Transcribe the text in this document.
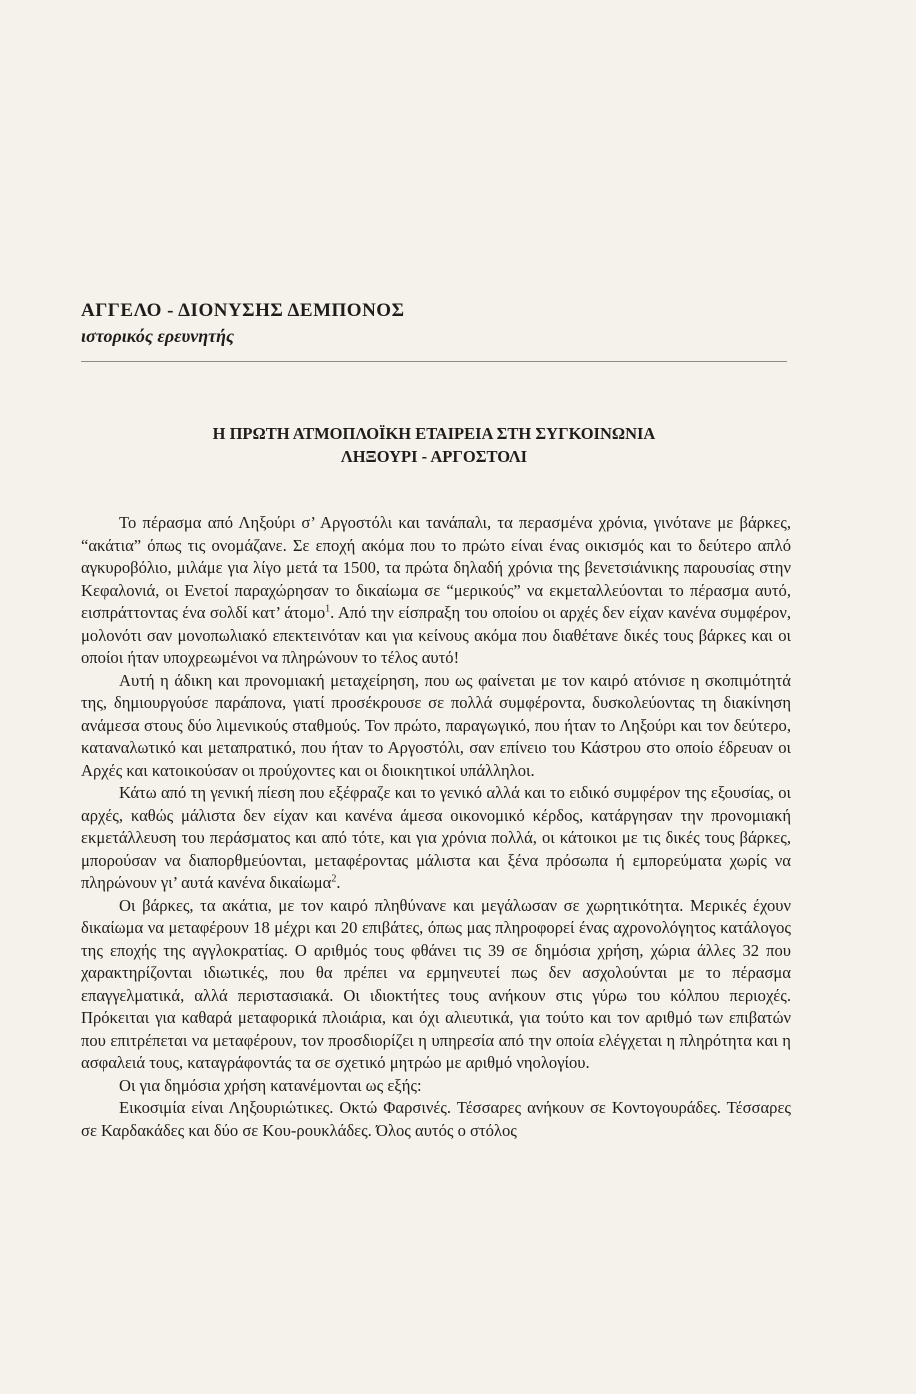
ΑΓΓΕΛΟ - ΔΙΟΝΥΣΗΣ ΔΕΜΠΟΝΟΣ
ιστορικός ερευνητής
Η ΠΡΩΤΗ ΑΤΜΟΠΛΟΪΚΗ ΕΤΑΙΡΕΙΑ ΣΤΗ ΣΥΓΚΟΙΝΩΝΙΑ
ΛΗΞΟΥΡΙ - ΑΡΓΟΣΤΟΛΙ

Το πέρασμα από Ληξούρι σ’ Αργοστόλι και τανάπαλι, τα περασμένα χρόνια, γινότανε με βάρκες, “ακάτια” όπως τις ονομάζανε. Σε εποχή ακόμα που το πρώτο είναι ένας οικισμός και το δεύτερο απλό αγκυροβόλιο, μιλάμε για λίγο μετά τα 1500, τα πρώτα δηλαδή χρόνια της βενετσιάνικης παρουσίας στην Κεφαλονιά, οι Ενετοί παραχώρησαν το δικαίωμα σε “μερικούς” να εκμεταλλεύονται το πέρασμα αυτό, εισπράττοντας ένα σολδί κατ’ άτομο$^1$. Από την είσπραξη του οποίου οι αρχές δεν είχαν κανένα συμφέρον, μολονότι σαν μονοπωλιακό επεκτεινόταν και για κείνους ακόμα που διαθέτανε δικές τους βάρκες και οι οποίοι ήταν υποχρεωμένοι να πληρώνουν το τέλος αυτό!

Αυτή η άδικη και προνομιακή μεταχείρηση, που ως φαίνεται με τον καιρό ατόνισε η σκοπιμότητά της, δημιουργούσε παράπονα, γιατί προσέκρουσε σε πολλά συμφέροντα, δυσκολεύοντας τη διακίνηση ανάμεσα στους δύο λιμενικούς σταθμούς. Τον πρώτο, παραγωγικό, που ήταν το Ληξούρι και τον δεύτερο, καταναλωτικό και μεταπρατικό, που ήταν το Αργοστόλι, σαν επίνειο του Κάστρου στο οποίο έδρευαν οι Αρχές και κατοικούσαν οι προύχοντες και οι διοικητικοί υπάλληλοι.

Κάτω από τη γενική πίεση που εξέφραζε και το γενικό αλλά και το ειδικό συμφέρον της εξουσίας, οι αρχές, καθώς μάλιστα δεν είχαν και κανένα άμεσα οικονομικό κέρδος, κατάργησαν την προνομιακή εκμετάλλευση του περάσματος και από τότε, και για χρόνια πολλά, οι κάτοικοι με τις δικές τους βάρκες, μπορούσαν να διαπορθμεύονται, μεταφέροντας μάλιστα και ξένα πρόσωπα ή εμπορεύματα χωρίς να πληρώνουν γι’ αυτά κανένα δικαίωμα$^2$.

Οι βάρκες, τα ακάτια, με τον καιρό πληθύνανε και μεγάλωσαν σε χωρητικότητα. Μερικές έχουν δικαίωμα να μεταφέρουν 18 μέχρι και 20 επιβάτες, όπως μας πληροφορεί ένας αχρονολόγητος κατάλογος της εποχής της αγγλοκρατίας. Ο αριθμός τους φθάνει τις 39 σε δημόσια χρήση, χώρια άλλες 32 που χαρακτηρίζονται ιδιωτικές, που θα πρέπει να ερμηνευτεί πως δεν ασχολούνται με το πέρασμα επαγγελματικά, αλλά περιστασιακά. Οι ιδιοκτήτες τους ανήκουν στις γύρω του κόλπου περιοχές. Πρόκειται για καθαρά μεταφορικά πλοιάρια, και όχι αλιευτικά, για τούτο και τον αριθμό των επιβατών που επιτρέπεται να μεταφέρουν, τον προσδιορίζει η υπηρεσία από την οποία ελέγχεται η πληρότητα και η ασφαλειά τους, καταγράφοντάς τα σε σχετικό μητρώο με αριθμό νηολογίου.

Οι για δημόσια χρήση κατανέμονται ως εξής:

Εικοσιμία είναι Ληξουριώτικες. Οκτώ Φαρσινές. Τέσσαρες ανήκουν σε Κοντογουράδες. Τέσσαρες σε Καρδακάδες και δύο σε Κου-ρουκλάδες. Όλος αυτός ο στόλος
